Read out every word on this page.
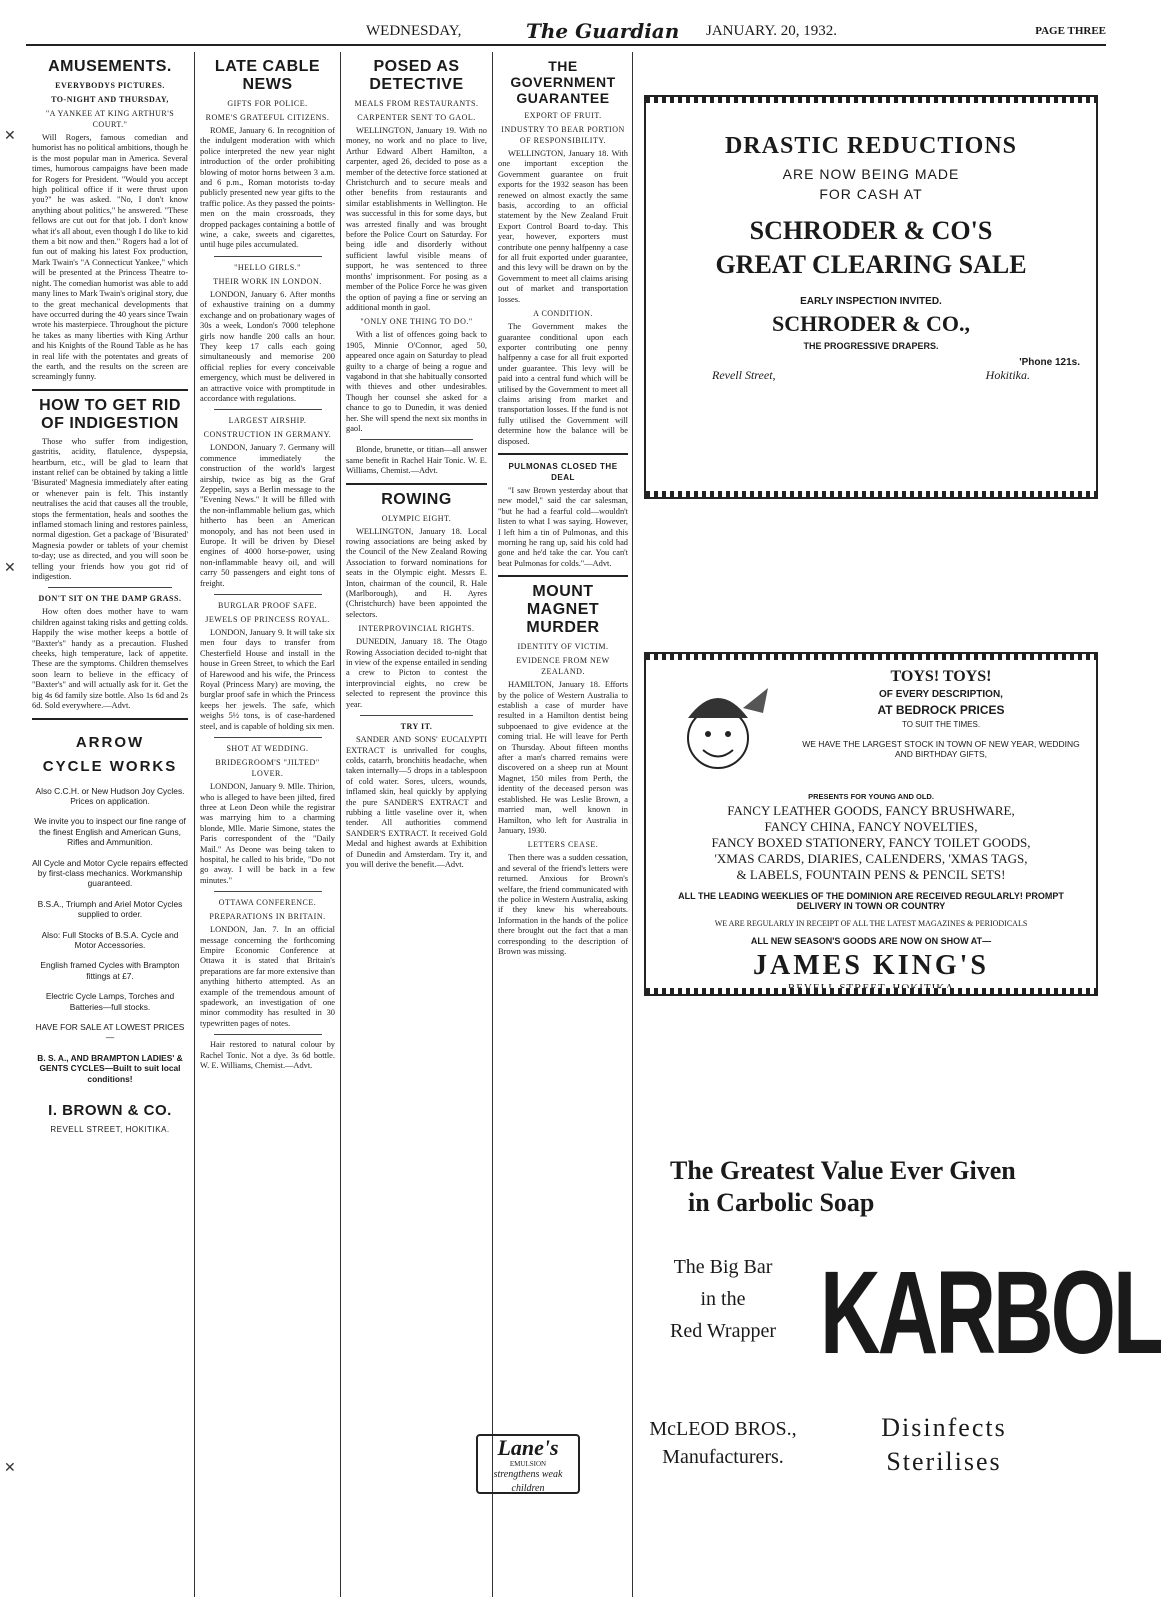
WEDNESDAY,	The Guardian JANUARY. 20, 1932.	PAGE THREE
✕
✕
✕
AMUSEMENTS.
EVERYBODYS PICTURES.
TO-NIGHT AND THURSDAY,
"A YANKEE AT KING ARTHUR'S COURT."

Will Rogers, famous comedian and humorist has no political ambitions, though he is the most popular man in America. Several times, humorous campaigns have been made for Rogers for President. "Would you accept high political office if it were thrust upon you?" he was asked. "No, I don't know anything about politics," he answered. "These fellows are cut out for that job. I don't know what it's all about, even though I do like to kid them a bit now and then." Rogers had a lot of fun out of making his latest Fox production, Mark Twain's "A Connecticut Yankee," which will be presented at the Princess Theatre to-night. The comedian humorist was able to add many lines to Mark Twain's original story, due to the great mechanical developments that have occurred during the 40 years since Twain wrote his masterpiece. Throughout the picture he takes as many liberties with King Arthur and his Knights of the Round Table as he has in real life with the potentates and greats of the earth, and the results on the screen are screamingly funny.

HOW TO GET RID OF INDIGESTION

Those who suffer from indigestion, gastritis, acidity, flatulence, dyspepsia, heartburn, etc., will be glad to learn that instant relief can be obtained by taking a little 'Bisurated' Magnesia immediately after eating or whenever pain is felt. This instantly neutralises the acid that causes all the trouble, stops the fermentation, heals and soothes the inflamed stomach lining and restores painless, normal digestion. Get a package of 'Bisurated' Magnesia powder or tablets of your chemist to-day; use as directed, and you will soon be telling your friends how you got rid of indigestion.

DON'T SIT ON THE DAMP GRASS.

How often does mother have to warn children against taking risks and getting colds. Happily the wise mother keeps a bottle of "Baxter's" handy as a precaution. Flushed cheeks, high temperature, lack of appetite. These are the symptoms. Children themselves soon learn to believe in the efficacy of "Baxter's" and will actually ask for it. Get the big 4s 6d family size bottle. Also 1s 6d and 2s 6d. Sold everywhere.—Advt.

ARROW
CYCLE WORKS

Also C.C.H. or New Hudson Joy Cycles. Prices on application.

We invite you to inspect our fine range of the finest English and American Guns, Rifles and Ammunition.

All Cycle and Motor Cycle repairs effected by first-class mechanics. Workmanship guaranteed.

B.S.A., Triumph and Ariel Motor Cycles supplied to order.

Also: Full Stocks of B.S.A. Cycle and Motor Accessories.

English framed Cycles with Brampton fittings at £7.

Electric Cycle Lamps, Torches and Batteries—full stocks.

HAVE FOR SALE AT LOWEST PRICES—

B. S. A., AND BRAMPTON LADIES' & GENTS CYCLES—Built to suit local conditions!

I. BROWN & CO.
REVELL STREET, HOKITIKA.
LATE CABLE NEWS
GIFTS FOR POLICE.
ROME'S GRATEFUL CITIZENS.

ROME, January 6. In recognition of the indulgent moderation with which police interpreted the new year night introduction of the order prohibiting blowing of motor horns between 3 a.m. and 6 p.m., Roman motorists to-day publicly presented new year gifts to the traffic police. As they passed the points-men on the main crossroads, they dropped packages containing a bottle of wine, a cake, sweets and cigarettes, until huge piles accumulated.

"HELLO GIRLS."
THEIR WORK IN LONDON.

LONDON, January 6. After months of exhaustive training on a dummy exchange and on probationary wages of 30s a week, London's 7000 telephone girls now handle 200 calls an hour. They keep 17 calls each going simultaneously and memorise 200 official replies for every conceivable emergency, which must be delivered in an attractive voice with promptitude in accordance with regulations.

LARGEST AIRSHIP.
CONSTRUCTION IN GERMANY.

LONDON, January 7. Germany will commence immediately the construction of the world's largest airship, twice as big as the Graf Zeppelin, says a Berlin message to the "Evening News." It will be filled with the non-inflammable helium gas, which hitherto has been an American monopoly, and has not been used in Europe. It will be driven by Diesel engines of 4000 horse-power, using non-inflammable heavy oil, and will carry 50 passengers and eight tons of freight.

BURGLAR PROOF SAFE.
JEWELS OF PRINCESS ROYAL.

LONDON, January 9. It will take six men four days to transfer from Chesterfield House and install in the house in Green Street, to which the Earl of Harewood and his wife, the Princess Royal (Princess Mary) are moving, the burglar proof safe in which the Princess keeps her jewels. The safe, which weighs 5½ tons, is of case-hardened steel, and is capable of holding six men.

SHOT AT WEDDING.
BRIDEGROOM'S "JILTED" LOVER.

LONDON, January 9. Mlle. Thirion, who is alleged to have been jilted, fired three at Leon Deon while the registrar was marrying him to a charming blonde, Mlle. Marie Simone, states the Paris correspondent of the "Daily Mail." As Deone was being taken to hospital, he called to his bride, "Do not go away. I will be back in a few minutes."

OTTAWA CONFERENCE.
PREPARATIONS IN BRITAIN.

LONDON, Jan. 7. In an official message concerning the forthcoming Empire Economic Conference at Ottawa it is stated that Britain's preparations are far more extensive than anything hitherto attempted. As an example of the tremendous amount of spadework, an investigation of one minor commodity has resulted in 30 typewritten pages of notes.

Hair restored to natural colour by Rachel Tonic. Not a dye. 3s 6d bottle. W. E. Williams, Chemist.—Advt.

POSED AS DETECTIVE
MEALS FROM RESTAURANTS.
CARPENTER SENT TO GAOL.

WELLINGTON, January 19. With no money, no work and no place to live, Arthur Edward Albert Hamilton, a carpenter, aged 26, decided to pose as a member of the detective force stationed at Christchurch and to secure meals and other benefits from restaurants and similar establishments in Wellington. He was successful in this for some days, but was arrested finally and was brought before the Police Court on Saturday. For being idle and disorderly without sufficient lawful visible means of support, he was sentenced to three months' imprisonment. For posing as a member of the Police Force he was given the option of paying a fine or serving an additional month in gaol.

"ONLY ONE THING TO DO."

With a list of offences going back to 1905, Minnie O'Connor, aged 50, appeared once again on Saturday to plead guilty to a charge of being a rogue and vagabond in that she habitually consorted with thieves and other undesirables. Though her counsel she asked for a chance to go to Dunedin, it was denied her. She will spend the next six months in gaol.

Blonde, brunette, or titian—all answer same benefit in Rachel Hair Tonic. W. E. Williams, Chemist.—Advt.

ROWING
OLYMPIC EIGHT.

WELLINGTON, January 18. Local rowing associations are being asked by the Council of the New Zealand Rowing Association to forward nominations for seats in the Olympic eight. Messrs E. Inton, chairman of the council, R. Hale (Marlborough), and H. Ayres (Christchurch) have been appointed the selectors.

INTERPROVINCIAL RIGHTS.

DUNEDIN, January 18. The Otago Rowing Association decided to-night that in view of the expense entailed in sending a crew to Picton to contest the interprovincial eights, no crew be selected to represent the province this year.

TRY IT.

SANDER AND SONS' EUCALYPTI EXTRACT is unrivalled for coughs, colds, catarrh, bronchitis headache, when taken internally—5 drops in a tablespoon of cold water. Sores, ulcers, wounds, inflamed skin, heal quickly by applying the pure SANDER'S EXTRACT and rubbing a little vaseline over it, when tender. All authorities commend SANDER'S EXTRACT. It received Gold Medal and highest awards at Exhibition of Dunedin and Amsterdam. Try it, and you will derive the benefit.—Advt.

Lane's
EMULSION
strengthens weak children
THE GOVERNMENT GUARANTEE
EXPORT OF FRUIT.
INDUSTRY TO BEAR PORTION OF RESPONSIBILITY.

WELLINGTON, January 18. With one important exception the Government guarantee on fruit exports for the 1932 season has been renewed on almost exactly the same basis, according to an official statement by the New Zealand Fruit Export Control Board to-day. This year, however, exporters must contribute one penny halfpenny a case for all fruit exported under guarantee, and this levy will be drawn on by the Government to meet all claims arising out of market and transportation losses.

A CONDITION.

The Government makes the guarantee conditional upon each exporter contributing one penny halfpenny a case for all fruit exported under guarantee. This levy will be paid into a central fund which will be utilised by the Government to meet all claims arising from market and transportation losses. If the fund is not fully utilised the Government will determine how the balance will be disposed.

PULMONAS CLOSED THE DEAL

"I saw Brown yesterday about that new model," said the car salesman, "but he had a fearful cold—wouldn't listen to what I was saying. However, I left him a tin of Pulmonas, and this morning he rang up, said his cold had gone and he'd take the car. You can't beat Pulmonas for colds."—Advt.

MOUNT MAGNET MURDER
IDENTITY OF VICTIM.
EVIDENCE FROM NEW ZEALAND.

HAMILTON, January 18. Efforts by the police of Western Australia to establish a case of murder have resulted in a Hamilton dentist being subpoenaed to give evidence at the coming trial. He will leave for Perth on Thursday. About fifteen months after a man's charred remains were discovered on a sheep run at Mount Magnet, 150 miles from Perth, the identity of the deceased person was established. He was Leslie Brown, a married man, well known in Hamilton, who left for Australia in January, 1930.

LETTERS CEASE.

Then there was a sudden cessation, and several of the friend's letters were returned. Anxious for Brown's welfare, the friend communicated with the police in Western Australia, asking if they knew his whereabouts. Information in the hands of the police there brought out the fact that a man corresponding to the description of Brown was missing.

DRASTIC REDUCTIONS
ARE NOW BEING MADE
FOR CASH AT
SCHRODER & CO'S
GREAT CLEARING SALE
EARLY INSPECTION INVITED.
SCHRODER & CO.,
THE PROGRESSIVE DRAPERS.
'Phone 121s.
Revell Street,	Hokitika.
TOYS! TOYS!
OF EVERY DESCRIPTION,
AT BEDROCK PRICES
TO SUIT THE TIMES.
WE HAVE THE LARGEST STOCK IN TOWN OF NEW YEAR, WEDDING AND BIRTHDAY GIFTS,
PRESENTS FOR YOUNG AND OLD.
FANCY LEATHER GOODS, FANCY BRUSHWARE,
FANCY CHINA, FANCY NOVELTIES,
FANCY BOXED STATIONERY, FANCY TOILET GOODS,
'XMAS CARDS, DIARIES, CALENDERS, 'XMAS TAGS,
& LABELS, FOUNTAIN PENS & PENCIL SETS!
ALL THE LEADING WEEKLIES OF THE DOMINION ARE RECEIVED REGULARLY! PROMPT DELIVERY IN TOWN OR COUNTRY
WE ARE REGULARLY IN RECEIPT OF ALL THE LATEST MAGAZINES & PERIODICALS
ALL NEW SEASON'S GOODS ARE NOW ON SHOW AT—
JAMES KING'S
The Greatest Value Ever Given
in Carbolic Soap
The Big Bar
in the
Red Wrapper KARBOL
McLEOD BROS.,
Manufacturers.
Disinfects
Sterilises
